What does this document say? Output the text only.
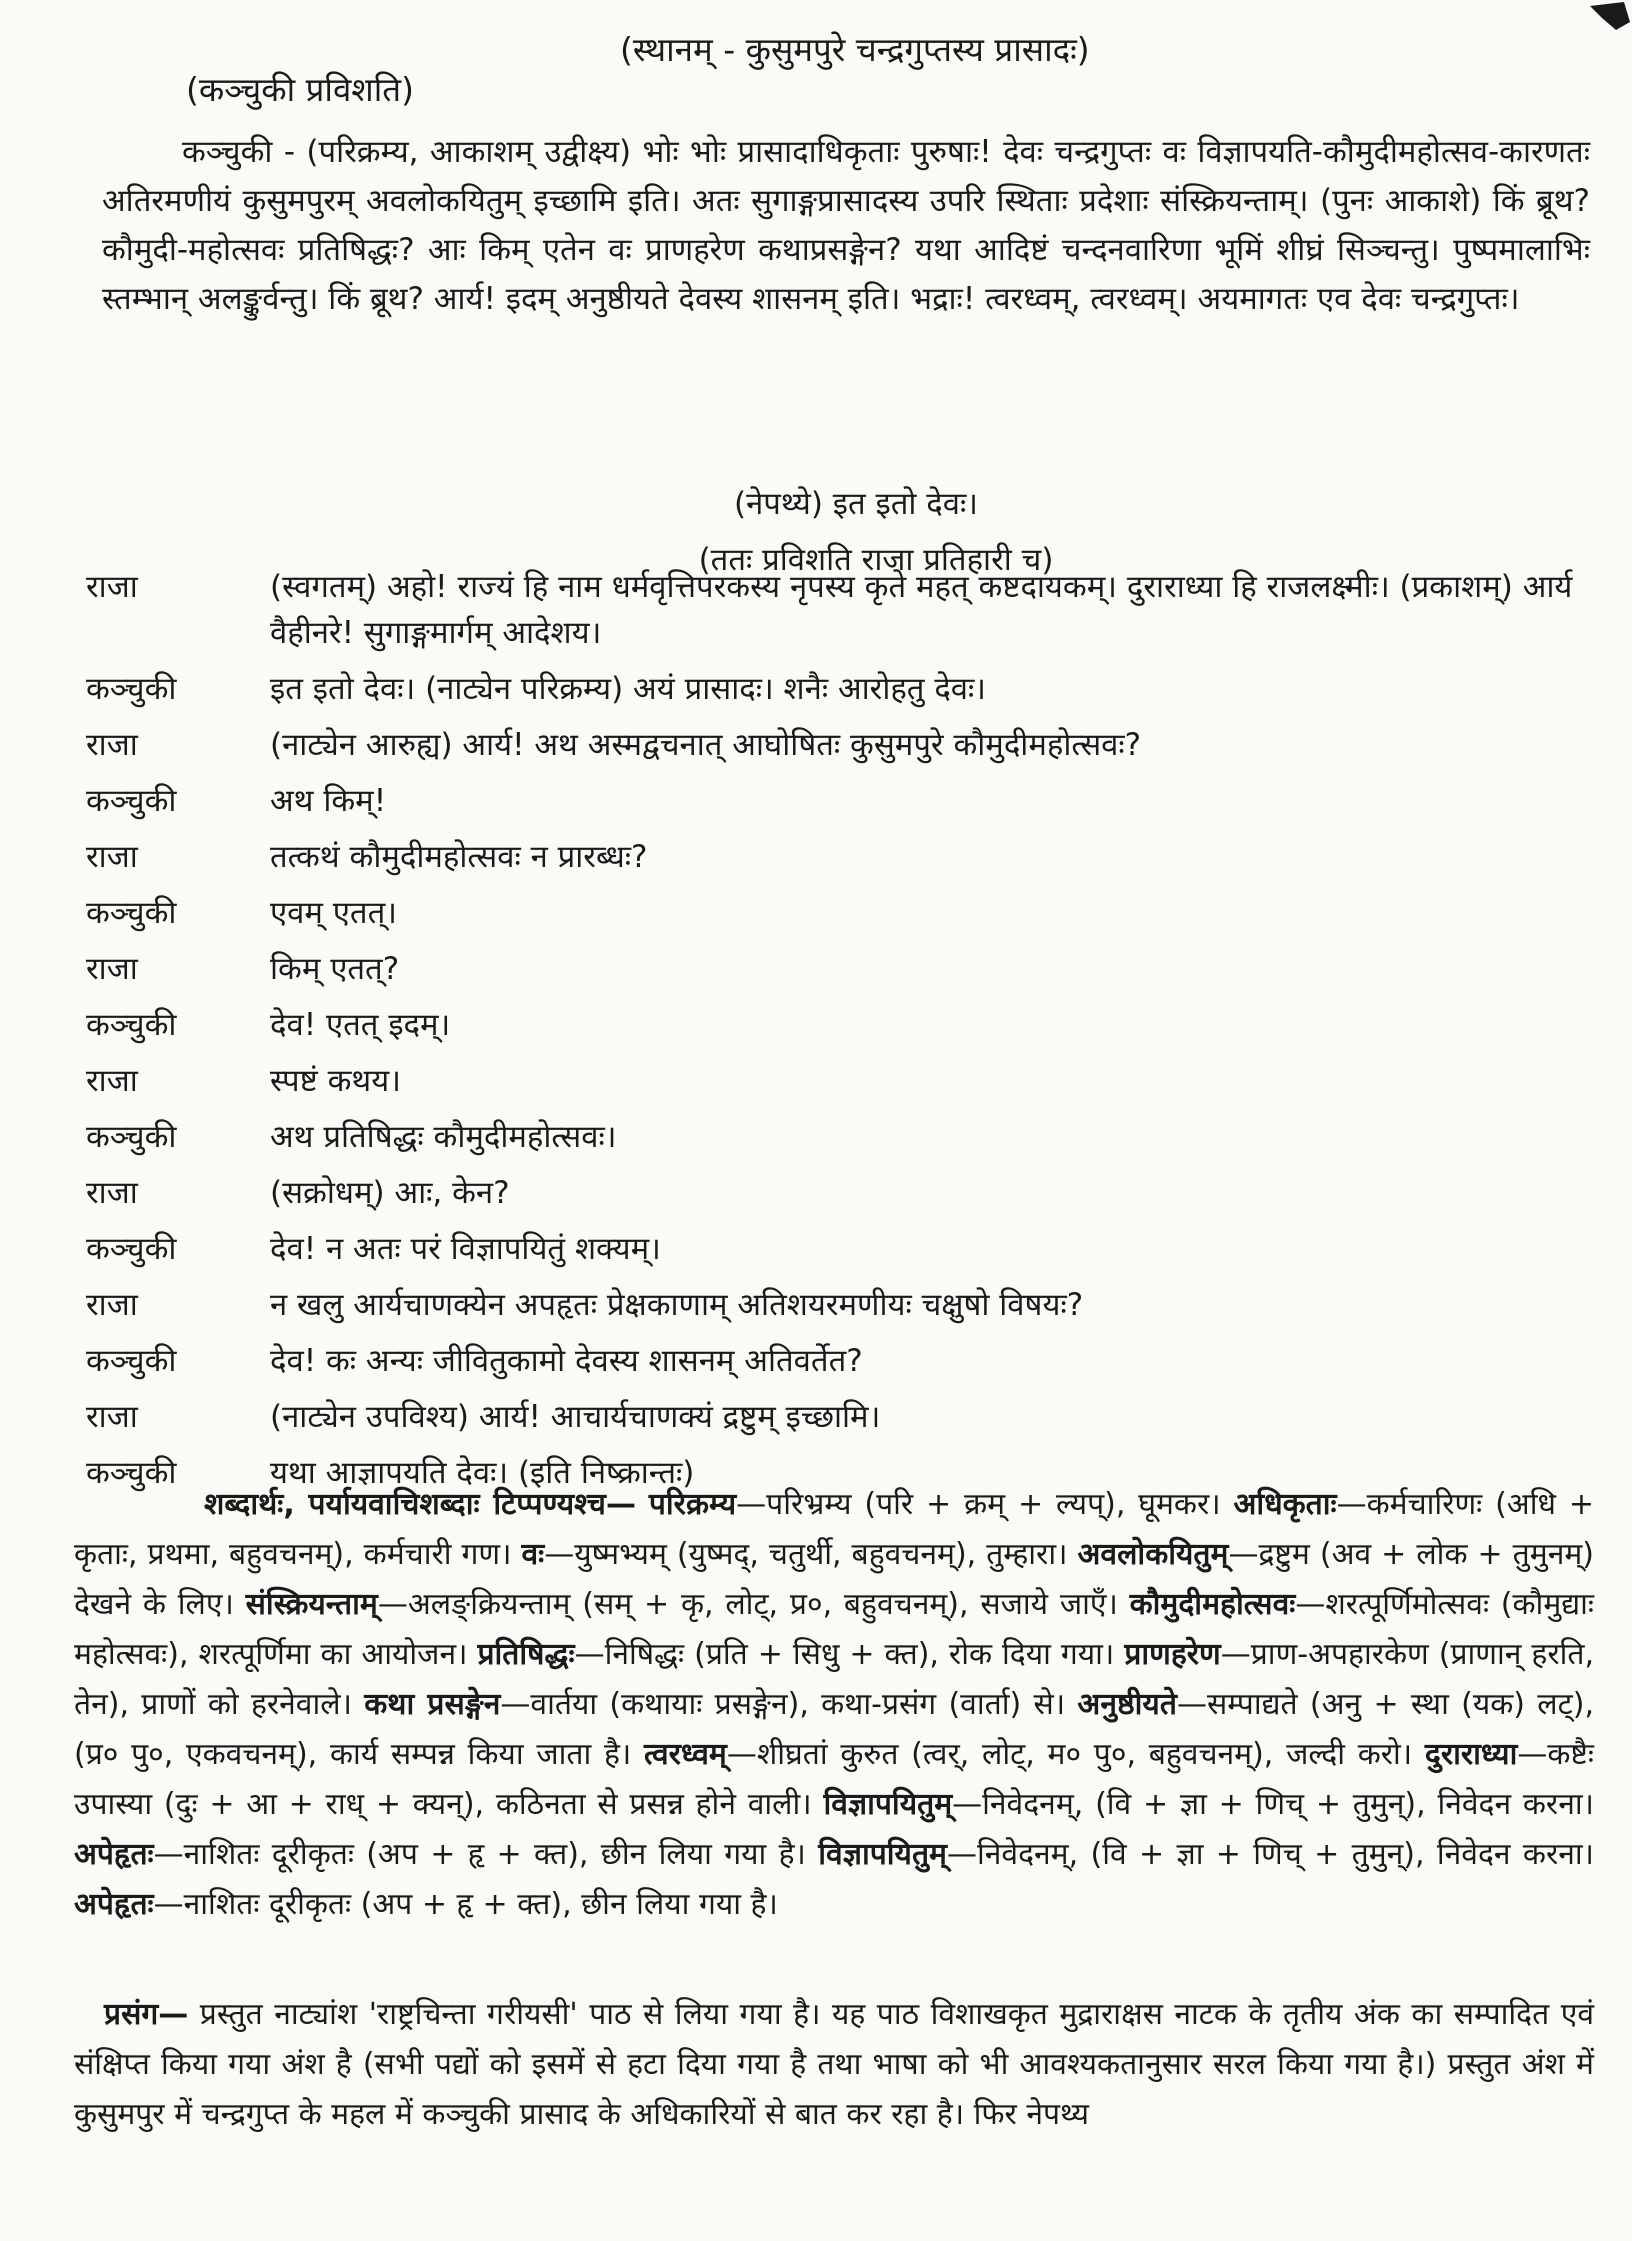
(स्थानम् - कुसुमपुरे चन्द्रगुप्तस्य प्रासादः)
(कञ्चुकी प्रविशति)
कञ्चुकी - (परिक्रम्य, आकाशम् उद्वीक्ष्य) भोः भोः प्रासादाधिकृताः पुरुषाः! देवः चन्द्रगुप्तः वः विज्ञापयति-कौमुदीमहोत्सव-कारणतः अतिरमणीयं कुसुमपुरम् अवलोकयितुम् इच्छामि इति। अतः सुगाङ्गप्रासादस्य उपरि स्थिताः प्रदेशाः संस्क्रियन्ताम्। (पुनः आकाशे) किं ब्रूथ? कौमुदी-महोत्सवः प्रतिषिद्धः? आः किम् एतेन वः प्राणहरेण कथाप्रसङ्गेन? यथा आदिष्टं चन्दनवारिणा भूमिं शीघ्रं सिञ्चन्तु। पुष्पमालाभिः स्तम्भान् अलङ्कुर्वन्तु। किं ब्रूथ? आर्य! इदम् अनुष्ठीयते देवस्य शासनम् इति। भद्राः! त्वरध्वम्, त्वरध्वम्। अयमागतः एव देवः चन्द्रगुप्तः।
(नेपथ्ये) इत इतो देवः।
(ततः प्रविशति राजा प्रतिहारी च)
राजा	(स्वगतम्) अहो! राज्यं हि नाम धर्मवृत्तिपरकस्य नृपस्य कृते महत् कष्टदायकम्। दुराराध्या हि राजलक्ष्मीः। (प्रकाशम्) आर्य वैहीनरे! सुगाङ्गमार्गम् आदेशय।
कञ्चुकी	इत इतो देवः। (नाट्येन परिक्रम्य) अयं प्रासादः। शनैः आरोहतु देवः।
राजा	(नाट्येन आरुह्य) आर्य! अथ अस्मद्वचनात् आघोषितः कुसुमपुरे कौमुदीमहोत्सवः?
कञ्चुकी	अथ किम्!
राजा	तत्कथं कौमुदीमहोत्सवः न प्रारब्धः?
कञ्चुकी	एवम् एतत्।
राजा	किम् एतत्?
कञ्चुकी	देव! एतत् इदम्।
राजा	स्पष्टं कथय।
कञ्चुकी	अथ प्रतिषिद्धः कौमुदीमहोत्सवः।
राजा	(सक्रोधम्) आः, केन?
कञ्चुकी	देव! न अतः परं विज्ञापयितुं शक्यम्।
राजा	न खलु आर्यचाणक्येन अपहृतः प्रेक्षकाणाम् अतिशयरमणीयः चक्षुषो विषयः?
कञ्चुकी	देव! कः अन्यः जीवितुकामो देवस्य शासनम् अतिवर्तेत?
राजा	(नाट्येन उपविश्य) आर्य! आचार्यचाणक्यं द्रष्टुम् इच्छामि।
कञ्चुकी	यथा आज्ञापयति देवः। (इति निष्क्रान्तः)
शब्दार्थः, पर्यायवाचिशब्दाः टिप्पण्यश्च— परिक्रम्य—परिभ्रम्य (परि + क्रम् + ल्यप्), घूमकर। अधिकृताः—कर्मचारिणः (अधि + कृताः, प्रथमा, बहुवचनम्), कर्मचारी गण। वः—युष्मभ्यम् (युष्मद्, चतुर्थी, बहुवचनम्), तुम्हारा। अवलोकयितुम्—द्रष्टुम (अव + लोक + तुमुनम्) देखने के लिए। संस्क्रियन्ताम्—अलङ्क्रियन्ताम् (सम् + कृ, लोट्, प्र०, बहुवचनम्), सजाये जाएँ। कौमुदीमहोत्सवः—शरत्पूर्णिमोत्सवः (कौमुद्याः महोत्सवः), शरत्पूर्णिमा का आयोजन। प्रतिषिद्धः—निषिद्धः (प्रति + सिधु + क्त), रोक दिया गया। प्राणहरेण—प्राण-अपहारकेण (प्राणान् हरति, तेन), प्राणों को हरनेवाले। कथा प्रसङ्गेन—वार्तया (कथायाः प्रसङ्गेन), कथा-प्रसंग (वार्ता) से। अनुष्ठीयते—सम्पाद्यते (अनु + स्था (यक) लट्), (प्र० पु०, एकवचनम्), कार्य सम्पन्न किया जाता है। त्वरध्वम्—शीघ्रतां कुरुत (त्वर्, लोट्, म० पु०, बहुवचनम्), जल्दी करो। दुराराध्या—कष्टैः उपास्या (दुः + आ + राध् + क्यन्), कठिनता से प्रसन्न होने वाली। विज्ञापयितुम्—निवेदनम्, (वि + ज्ञा + णिच् + तुमुन्), निवेदन करना। अपेहृतः—नाशितः दूरीकृतः (अप + हृ + क्त), छीन लिया गया है। विज्ञापयितुम्—निवेदनम्, (वि + ज्ञा + णिच् + तुमुन्), निवेदन करना। अपेहृतः—नाशितः दूरीकृतः (अप + हृ + क्त), छीन लिया गया है।
प्रसंग— प्रस्तुत नाट्यांश 'राष्ट्रचिन्ता गरीयसी' पाठ से लिया गया है। यह पाठ विशाखकृत मुद्राराक्षस नाटक के तृतीय अंक का सम्पादित एवं संक्षिप्त किया गया अंश है (सभी पद्यों को इसमें से हटा दिया गया है तथा भाषा को भी आवश्यकतानुसार सरल किया गया है।) प्रस्तुत अंश में कुसुमपुर में चन्द्रगुप्त के महल में कञ्चुकी प्रासाद के अधिकारियों से बात कर रहा है। फिर नेपथ्य
